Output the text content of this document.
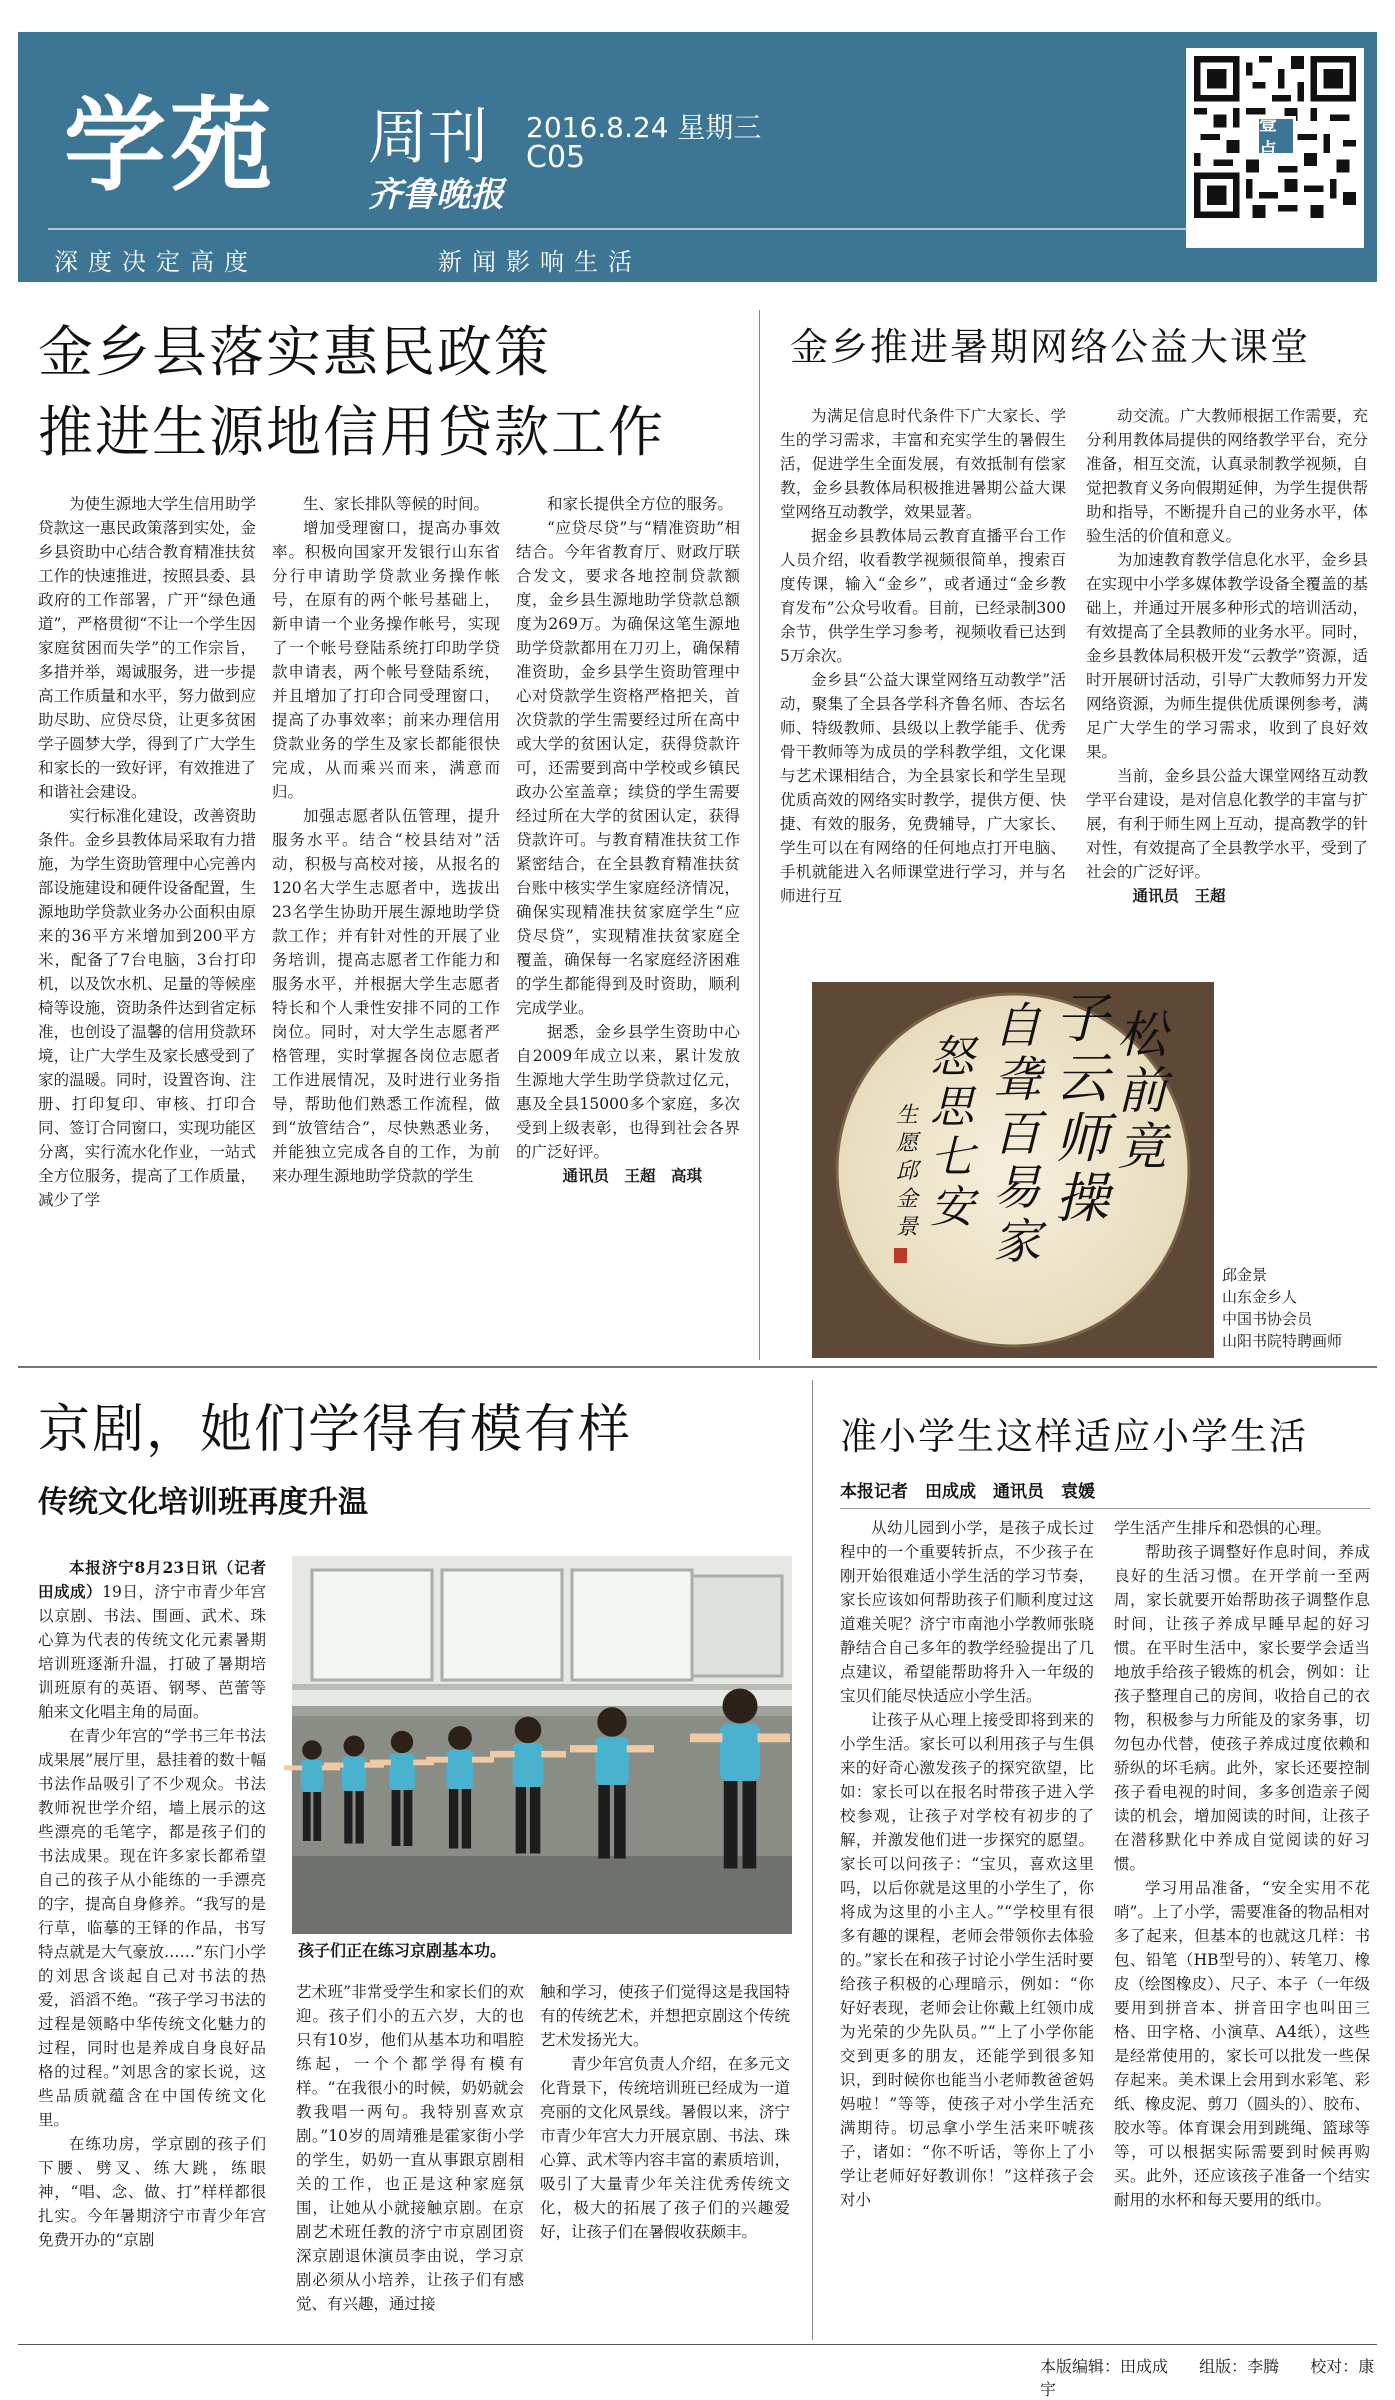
学苑 周刊
齐鲁晚报
2016.8.24 星期三
C05
深度决定高度	新闻影响生活
壹点
金乡县落实惠民政策
推进生源地信用贷款工作

为使生源地大学生信用助学贷款这一惠民政策落到实处，金乡县资助中心结合教育精准扶贫工作的快速推进，按照县委、县政府的工作部署，广开“绿色通道”，严格贯彻“不让一个学生因家庭贫困而失学”的工作宗旨，多措并举，竭诚服务，进一步提高工作质量和水平，努力做到应助尽助、应贷尽贷，让更多贫困学子圆梦大学，得到了广大学生和家长的一致好评，有效推进了和谐社会建设。

实行标准化建设，改善资助条件。金乡县教体局采取有力措施，为学生资助管理中心完善内部设施建设和硬件设备配置，生源地助学贷款业务办公面积由原来的36平方米增加到200平方米，配备了7台电脑，3台打印机，以及饮水机、足量的等候座椅等设施，资助条件达到省定标准，也创设了温馨的信用贷款环境，让广大学生及家长感受到了家的温暖。同时，设置咨询、注册、打印复印、审核、打印合同、签订合同窗口，实现功能区分离，实行流水化作业，一站式全方位服务，提高了工作质量，减少了学

生、家长排队等候的时间。

增加受理窗口，提高办事效率。积极向国家开发银行山东省分行申请助学贷款业务操作帐号，在原有的两个帐号基础上，新申请一个业务操作帐号，实现了一个帐号登陆系统打印助学贷款申请表，两个帐号登陆系统，并且增加了打印合同受理窗口，提高了办事效率；前来办理信用贷款业务的学生及家长都能很快完成，从而乘兴而来，满意而归。

加强志愿者队伍管理，提升服务水平。结合“校县结对”活动，积极与高校对接，从报名的120名大学生志愿者中，选拔出23名学生协助开展生源地助学贷款工作；并有针对性的开展了业务培训，提高志愿者工作能力和服务水平，并根据大学生志愿者特长和个人秉性安排不同的工作岗位。同时，对大学生志愿者严格管理，实时掌握各岗位志愿者工作进展情况，及时进行业务指导，帮助他们熟悉工作流程，做到“放管结合”，尽快熟悉业务，并能独立完成各自的工作，为前来办理生源地助学贷款的学生

和家长提供全方位的服务。

“应贷尽贷”与“精准资助”相结合。今年省教育厅、财政厅联合发文，要求各地控制贷款额度，金乡县生源地助学贷款总额度为269万。为确保这笔生源地助学贷款都用在刀刃上，确保精准资助，金乡县学生资助管理中心对贷款学生资格严格把关，首次贷款的学生需要经过所在高中或大学的贫困认定，获得贷款许可，还需要到高中学校或乡镇民政办公室盖章；续贷的学生需要经过所在大学的贫困认定，获得贷款许可。与教育精准扶贫工作紧密结合，在全县教育精准扶贫台账中核实学生家庭经济情况，确保实现精准扶贫家庭学生“应贷尽贷”，实现精准扶贫家庭全覆盖，确保每一名家庭经济困难的学生都能得到及时资助，顺利完成学业。

据悉，金乡县学生资助中心自2009年成立以来，累计发放生源地大学生助学贷款过亿元，惠及全县15000多个家庭，多次受到上级表彰，也得到社会各界的广泛好评。

通讯员　王超　高琪

金乡推进暑期网络公益大课堂

为满足信息时代条件下广大家长、学生的学习需求，丰富和充实学生的暑假生活，促进学生全面发展，有效抵制有偿家教，金乡县教体局积极推进暑期公益大课堂网络互动教学，效果显著。

据金乡县教体局云教育直播平台工作人员介绍，收看教学视频很简单，搜索百度传课，输入“金乡”，或者通过“金乡教育发布”公众号收看。目前，已经录制300余节，供学生学习参考，视频收看已达到5万余次。

金乡县“公益大课堂网络互动教学”活动，聚集了全县各学科齐鲁名师、杏坛名师、特级教师、县级以上教学能手、优秀骨干教师等为成员的学科教学组，文化课与艺术课相结合，为全县家长和学生呈现优质高效的网络实时教学，提供方便、快捷、有效的服务，免费辅导，广大家长、学生可以在有网络的任何地点打开电脑、手机就能进入名师课堂进行学习，并与名师进行互

动交流。广大教师根据工作需要，充分利用教体局提供的网络教学平台，充分准备，相互交流，认真录制教学视频，自觉把教育义务向假期延伸，为学生提供帮助和指导，不断提升自己的业务水平，体验生活的价值和意义。

为加速教育教学信息化水平，金乡县在实现中小学多媒体教学设备全覆盖的基础上，并通过开展多种形式的培训活动，有效提高了全县教师的业务水平。同时，金乡县教体局积极开发“云教学”资源，适时开展研讨活动，引导广大教师努力开发网络资源，为师生提供优质课例参考，满足广大学生的学习需求，收到了良好效果。

当前，金乡县公益大课堂网络互动教学平台建设，是对信息化教学的丰富与扩展，有利于师生网上互动，提高教学的针对性，有效提高了全县教学水平，受到了社会的广泛好评。

通讯员　王超

松
前
竟
子
云
师
操
自
聋
百
易
家
怒
思
七
安
生
愿
邱
金
景
邱金景
山东金乡人
中国书协会员
山阳书院特聘画师
京剧，她们学得有模有样
传统文化培训班再度升温

本报济宁8月23日讯（记者　田成成）19日，济宁市青少年宫以京剧、书法、围画、武术、珠心算为代表的传统文化元素暑期培训班逐渐升温，打破了暑期培训班原有的英语、钢琴、芭蕾等舶来文化唱主角的局面。

在青少年宫的“学书三年书法成果展”展厅里，悬挂着的数十幅书法作品吸引了不少观众。书法教师祝世学介绍，墙上展示的这些漂亮的毛笔字，都是孩子们的书法成果。现在许多家长都希望自己的孩子从小能练的一手漂亮的字，提高自身修养。“我写的是行草，临摹的王铎的作品，书写特点就是大气豪放……”东门小学的刘思含谈起自己对书法的热爱，滔滔不绝。“孩子学习书法的过程是领略中华传统文化魅力的过程，同时也是养成自身良好品格的过程。”刘思含的家长说，这些品质就蕴含在中国传统文化里。

在练功房，学京剧的孩子们下腰、劈叉、练大跳，练眼神，“唱、念、做、打”样样都很扎实。今年暑期济宁市青少年宫免费开办的“京剧

孩子们正在练习京剧基本功。

艺术班”非常受学生和家长们的欢迎。孩子们小的五六岁，大的也只有10岁，他们从基本功和唱腔练起，一个个都学得有模有样。“在我很小的时候，奶奶就会教我唱一两句。我特别喜欢京剧。”10岁的周靖雅是霍家街小学的学生，奶奶一直从事跟京剧相关的工作，也正是这种家庭氛围，让她从小就接触京剧。在京剧艺术班任教的济宁市京剧团资深京剧退休演员李由说，学习京剧必须从小培养，让孩子们有感觉、有兴趣，通过接

触和学习，使孩子们觉得这是我国特有的传统艺术，并想把京剧这个传统艺术发扬光大。

青少年宫负责人介绍，在多元文化背景下，传统培训班已经成为一道亮丽的文化风景线。暑假以来，济宁市青少年宫大力开展京剧、书法、珠心算、武术等内容丰富的素质培训，吸引了大量青少年关注优秀传统文化，极大的拓展了孩子们的兴趣爱好，让孩子们在暑假收获颇丰。

准小学生这样适应小学生活
本报记者　田成成　通讯员　袁媛

从幼儿园到小学，是孩子成长过程中的一个重要转折点，不少孩子在刚开始很难适小学生活的学习节奏，家长应该如何帮助孩子们顺利度过这道难关呢？济宁市南池小学教师张晓静结合自己多年的教学经验提出了几点建议，希望能帮助将升入一年级的宝贝们能尽快适应小学生活。

让孩子从心理上接受即将到来的小学生活。家长可以利用孩子与生俱来的好奇心激发孩子的探究欲望，比如：家长可以在报名时带孩子进入学校参观，让孩子对学校有初步的了解，并激发他们进一步探究的愿望。家长可以问孩子：“宝贝，喜欢这里吗，以后你就是这里的小学生了，你将成为这里的小主人。”“学校里有很多有趣的课程，老师会带领你去体验的。”家长在和孩子讨论小学生活时要给孩子积极的心理暗示，例如：“你好好表现，老师会让你戴上红领巾成为光荣的少先队员。”“上了小学你能交到更多的朋友，还能学到很多知识，到时候你也能当小老师教爸爸妈妈啦！”等等，使孩子对小学生活充满期待。切忌拿小学生活来吓唬孩子，诸如：“你不听话，等你上了小学让老师好好教训你！”这样孩子会对小

学生活产生排斥和恐惧的心理。

帮助孩子调整好作息时间，养成良好的生活习惯。在开学前一至两周，家长就要开始帮助孩子调整作息时间，让孩子养成早睡早起的好习惯。在平时生活中，家长要学会适当地放手给孩子锻炼的机会，例如：让孩子整理自己的房间，收拾自己的衣物，积极参与力所能及的家务事，切勿包办代替，使孩子养成过度依赖和骄纵的坏毛病。此外，家长还要控制孩子看电视的时间，多多创造亲子阅读的机会，增加阅读的时间，让孩子在潜移默化中养成自觉阅读的好习惯。

学习用品准备，“安全实用不花哨”。上了小学，需要准备的物品相对多了起来，但基本的也就这几样：书包、铅笔（HB型号的）、转笔刀、橡皮（绘图橡皮）、尺子、本子（一年级要用到拼音本、拼音田字也叫田三格、田字格、小演草、A4纸），这些是经常使用的，家长可以批发一些保存起来。美术课上会用到水彩笔、彩纸、橡皮泥、剪刀（圆头的）、胶布、胶水等。体育课会用到跳绳、篮球等等，可以根据实际需要到时候再购买。此外，还应该孩子准备一个结实耐用的水杯和每天要用的纸巾。

本版编辑：田成成 组版：李腾 校对：康宇
